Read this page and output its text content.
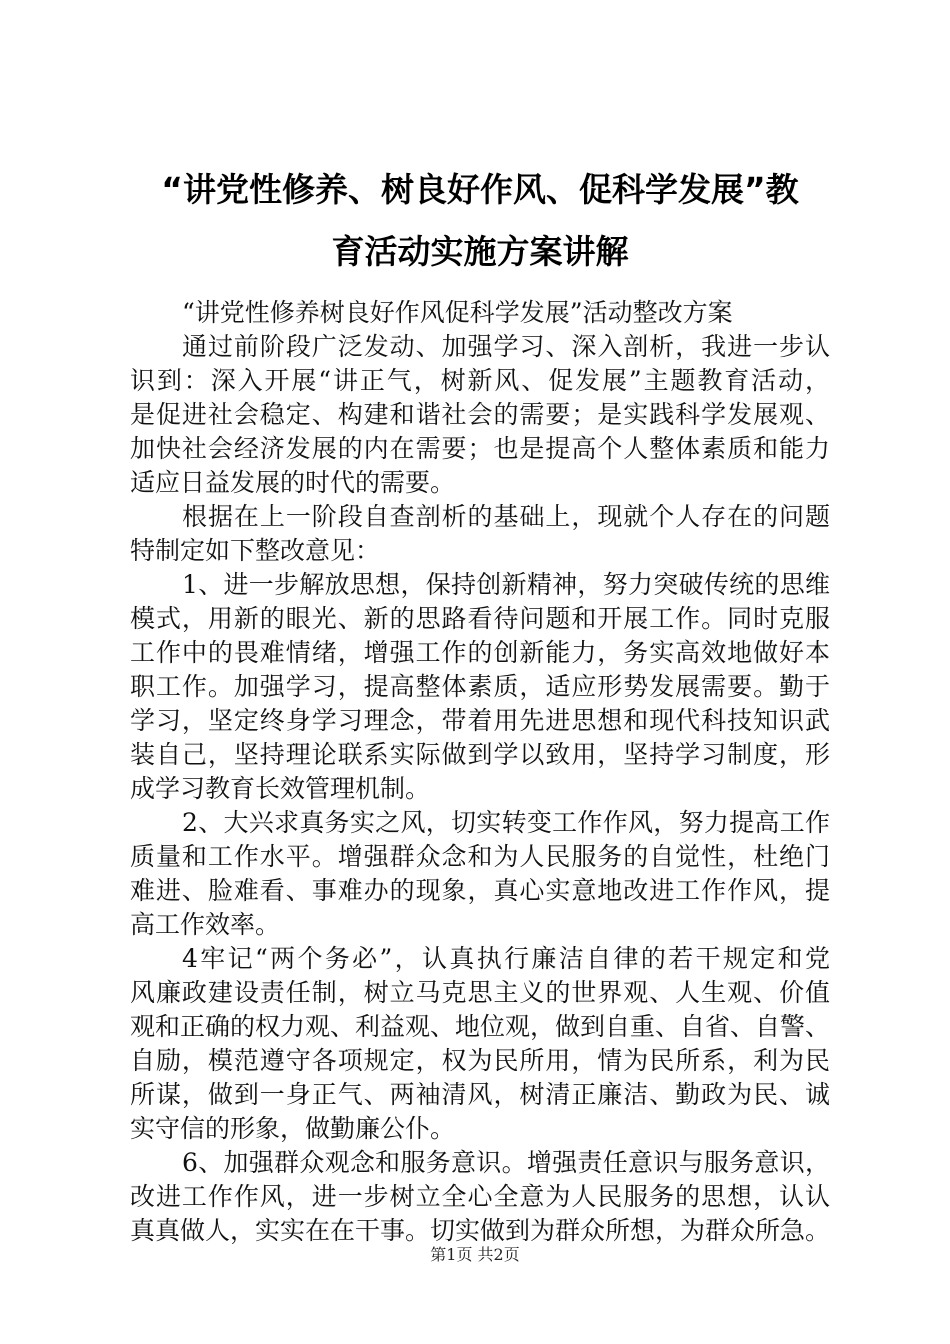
“讲党性修养、树良好作风、促科学发展”教
育活动实施方案讲解
“讲党性修养树良好作风促科学发展”活动整改方案
通过前阶段广泛发动、加强学习、深入剖析，我进一步认
识到：深入开展“讲正气，树新风、促发展”主题教育活动，
是促进社会稳定、构建和谐社会的需要；是实践科学发展观、
加快社会经济发展的内在需要；也是提高个人整体素质和能力
适应日益发展的时代的需要。
根据在上一阶段自查剖析的基础上，现就个人存在的问题
特制定如下整改意见：
1、进一步解放思想，保持创新精神，努力突破传统的思维
模式，用新的眼光、新的思路看待问题和开展工作。同时克服
工作中的畏难情绪，增强工作的创新能力，务实高效地做好本
职工作。加强学习，提高整体素质，适应形势发展需要。勤于
学习，坚定终身学习理念，带着用先进思想和现代科技知识武
装自己，坚持理论联系实际做到学以致用，坚持学习制度，形
成学习教育长效管理机制。
2、大兴求真务实之风，切实转变工作作风，努力提高工作
质量和工作水平。增强群众念和为人民服务的自觉性，杜绝门
难进、脸难看、事难办的现象，真心实意地改进工作作风，提
高工作效率。
4牢记“两个务必”，认真执行廉洁自律的若干规定和党
风廉政建设责任制，树立马克思主义的世界观、人生观、价值
观和正确的权力观、利益观、地位观，做到自重、自省、自警、
自励，模范遵守各项规定，权为民所用，情为民所系，利为民
所谋，做到一身正气、两袖清风，树清正廉洁、勤政为民、诚
实守信的形象，做勤廉公仆。
6、加强群众观念和服务意识。增强责任意识与服务意识，
改进工作作风，进一步树立全心全意为人民服务的思想，认认
真真做人，实实在在干事。切实做到为群众所想，为群众所急。
第1页 共2页
